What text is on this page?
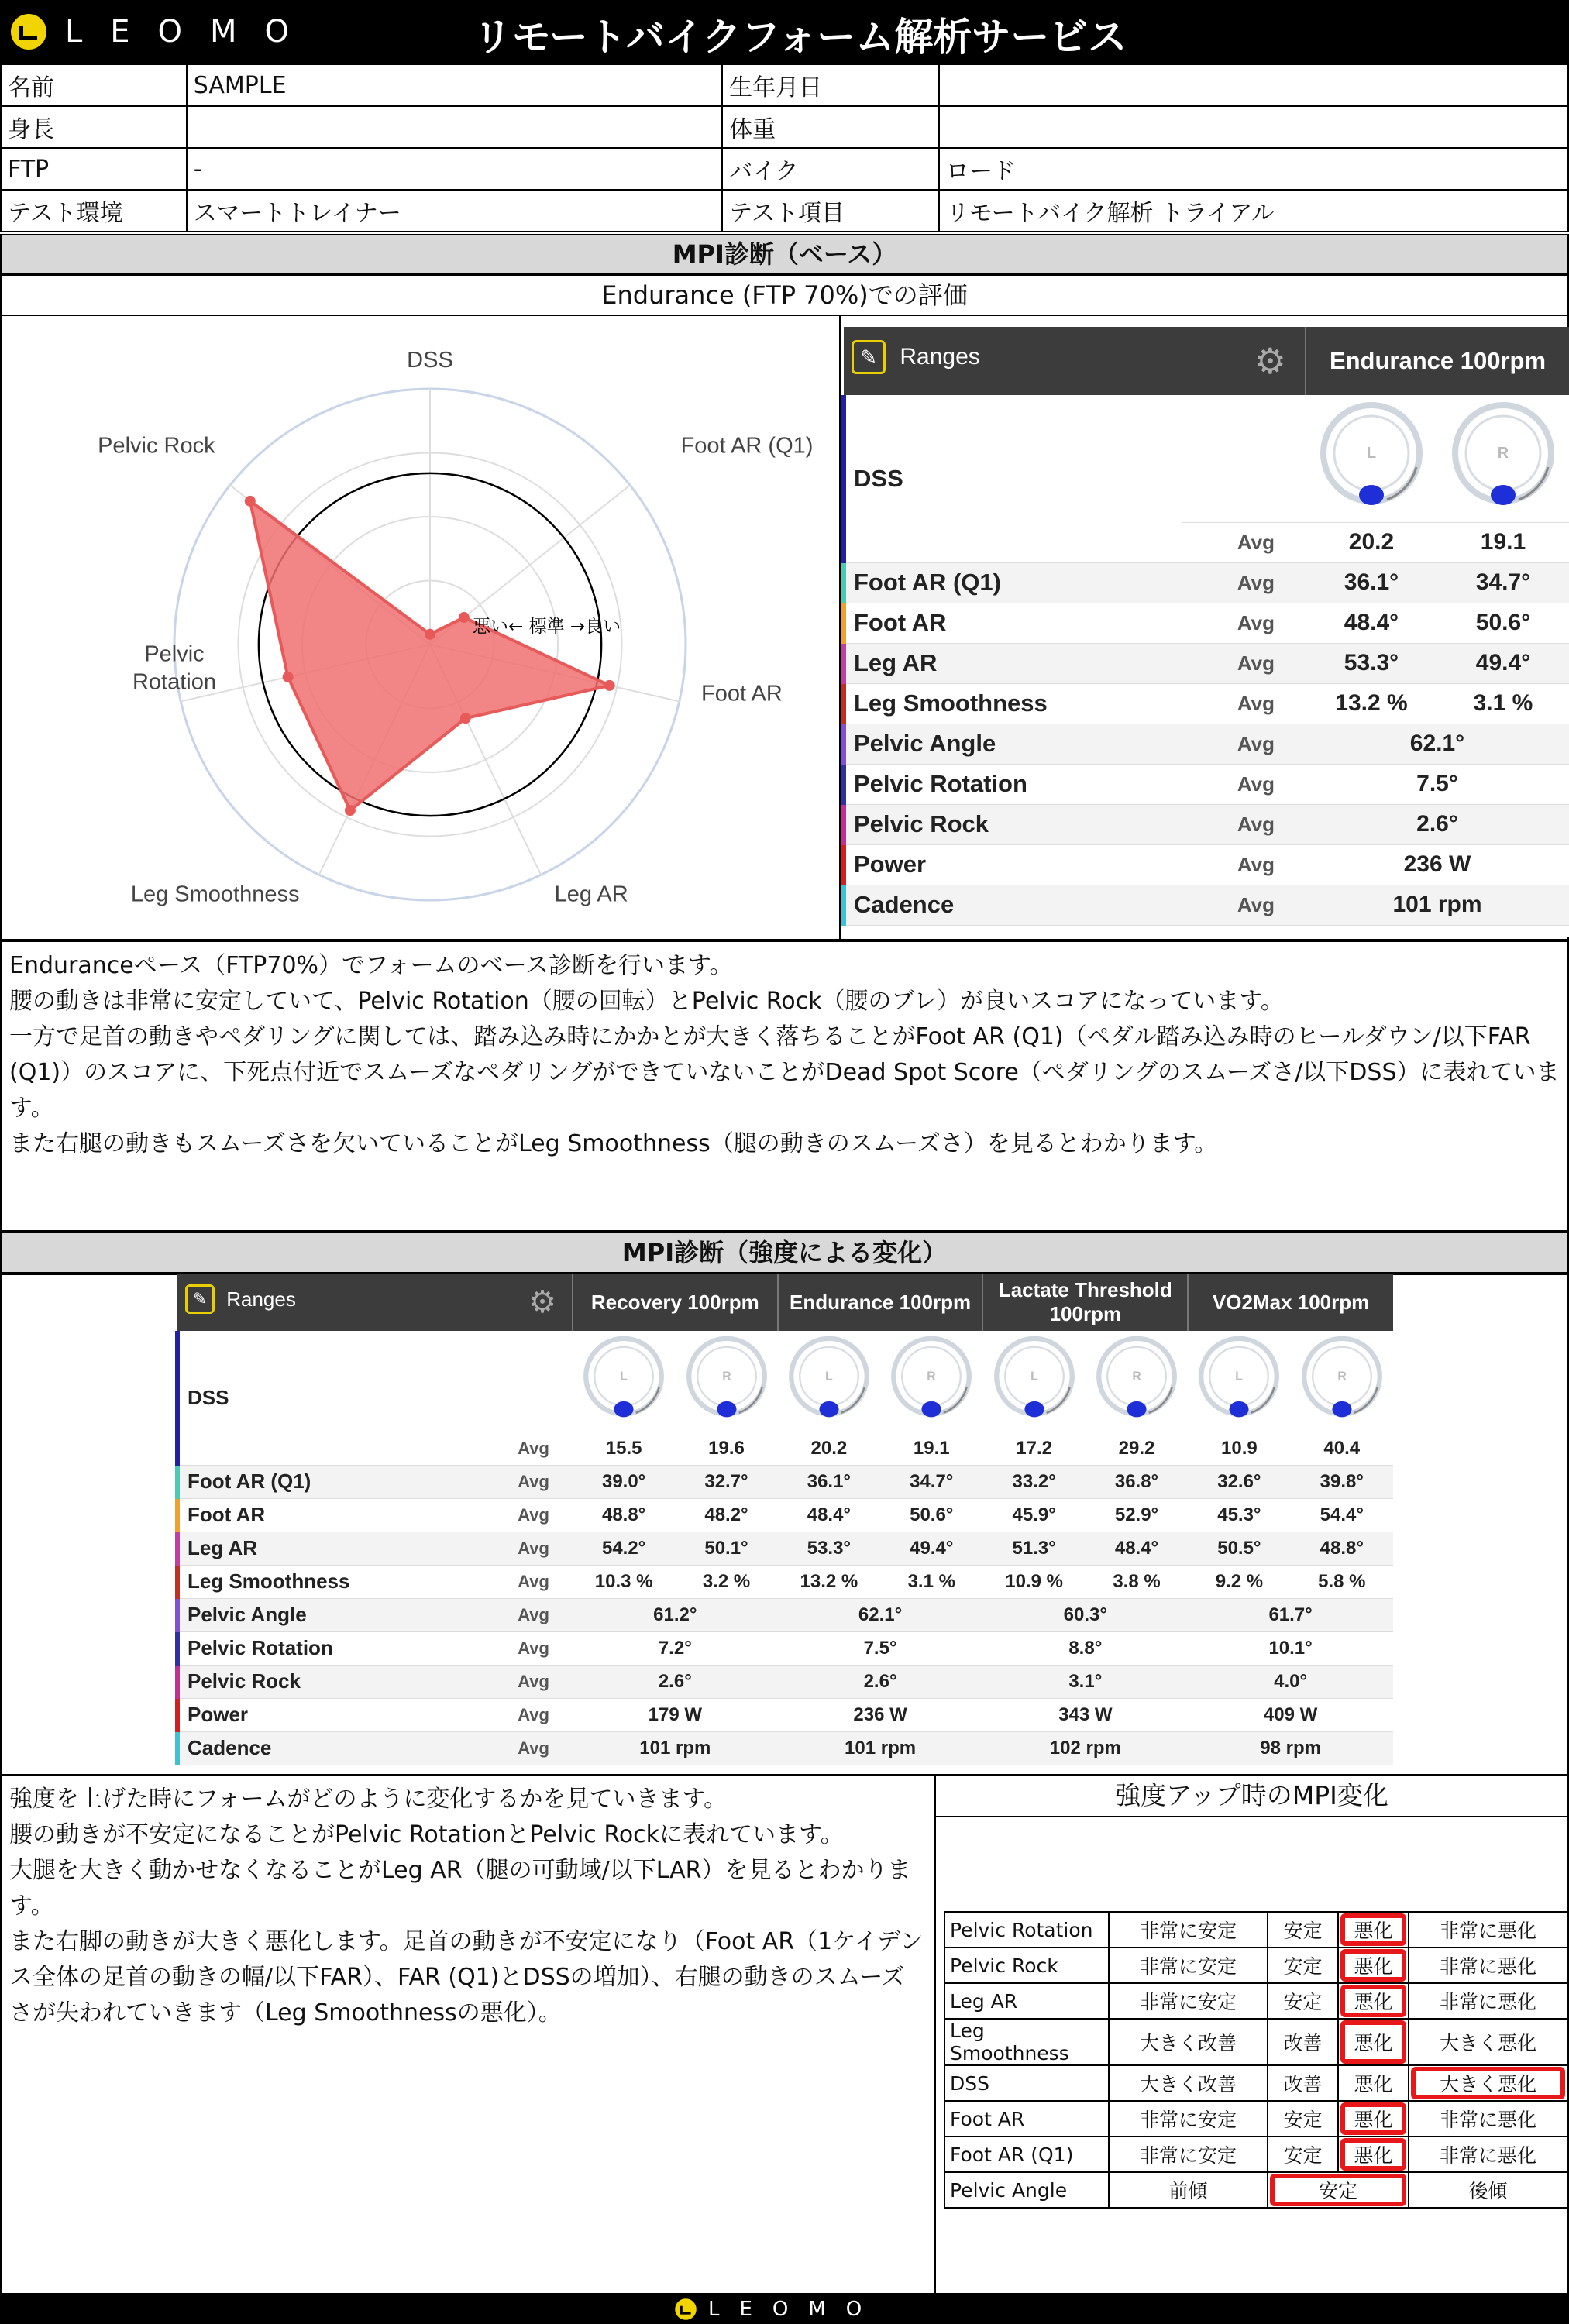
LEOMO	リモートバイクフォーム解析サービス
名前	SAMPLE	生年月日	
身長		体重	
FTP	-	バイク	ロード
テスト環境	スマートトレイナー	テスト項目	リモートバイク解析 トライアル
MPI診断（ベース）
Endurance (FTP 70%)での評価
DSS
Foot AR (Q1)
Foot AR
Leg AR
Leg Smoothness
Pelvic
Rotation
Pelvic Rock
悪い← 標準 →良い
✎ Ranges ⚙		Endurance 100rpm	
DSS		L	R

	Avg	20.2	19.1
Foot AR (Q1)	Avg	36.1°	34.7°
Foot AR	Avg	48.4°	50.6°
Leg AR	Avg	53.3°	49.4°
Leg Smoothness	Avg	13.2 %	3.1 %
Pelvic Angle	Avg	62.1°	
Pelvic Rotation	Avg	7.5°	
Pelvic Rock	Avg	2.6°	
Power	Avg	236 W	
Cadence	Avg	101 rpm	
Enduranceペース（FTP70%）でフォームのベース診断を行います。
腰の動きは非常に安定していて、Pelvic Rotation（腰の回転）とPelvic Rock（腰のブレ）が良いスコアになっています。
一方で足首の動きやペダリングに関しては、踏み込み時にかかとが大きく落ちることがFoot AR (Q1)（ペダル踏み込み時のヒールダウン/以下FAR (Q1)）のスコアに、下死点付近でスムーズなペダリングができていないことがDead Spot Score（ペダリングのスムーズさ/以下DSS）に表れています。
また右腿の動きもスムーズさを欠いていることがLeg Smoothness（腿の動きのスムーズさ）を見るとわかります。
MPI診断（強度による変化）
✎ Ranges ⚙		Recovery 100rpm		Endurance 100rpm		Lactate Threshold 100rpm		VO2Max 100rpm	
DSS		L	R	L	R	L	R	L	R

	Avg	15.5	19.6	20.2	19.1	17.2	29.2	10.9	40.4
Foot AR (Q1)	Avg	39.0°	32.7°	36.1°	34.7°	33.2°	36.8°	32.6°	39.8°
Foot AR	Avg	48.8°	48.2°	48.4°	50.6°	45.9°	52.9°	45.3°	54.4°
Leg AR	Avg	54.2°	50.1°	53.3°	49.4°	51.3°	48.4°	50.5°	48.8°
Leg Smoothness	Avg	10.3 %	3.2 %	13.2 %	3.1 %	10.9 %	3.8 %	9.2 %	5.8 %
Pelvic Angle	Avg	61.2°		62.1°		60.3°		61.7°	
Pelvic Rotation	Avg	7.2°		7.5°		8.8°		10.1°	
Pelvic Rock	Avg	2.6°		2.6°		3.1°		4.0°	
Power	Avg	179 W		236 W		343 W		409 W	
Cadence	Avg	101 rpm		101 rpm		102 rpm		98 rpm	
強度を上げた時にフォームがどのように変化するかを見ていきます。
腰の動きが不安定になることがPelvic RotationとPelvic Rockに表れています。
大腿を大きく動かせなくなることがLeg AR（腿の可動域/以下LAR）を見るとわかります。
また右脚の動きが大きく悪化します。足首の動きが不安定になり（Foot AR（1ケイデンス全体の足首の動きの幅/以下FAR）、FAR (Q1)とDSSの増加）、右腿の動きのスムーズさが失われていきます（Leg Smoothnessの悪化）。
強度アップ時のMPI変化
Pelvic Rotation	非常に安定	安定	悪化	非常に悪化
Pelvic Rock	非常に安定	安定	悪化	非常に悪化
Leg AR	非常に安定	安定	悪化	非常に悪化
Leg Smoothness	大きく改善	改善	悪化	大きく悪化
DSS	大きく改善	改善	悪化	大きく悪化

Foot AR	非常に安定	安定	悪化	非常に悪化
Foot AR (Q1)	非常に安定	安定	悪化	非常に悪化
Pelvic Angle	前傾	安定		後傾
LEOMO
